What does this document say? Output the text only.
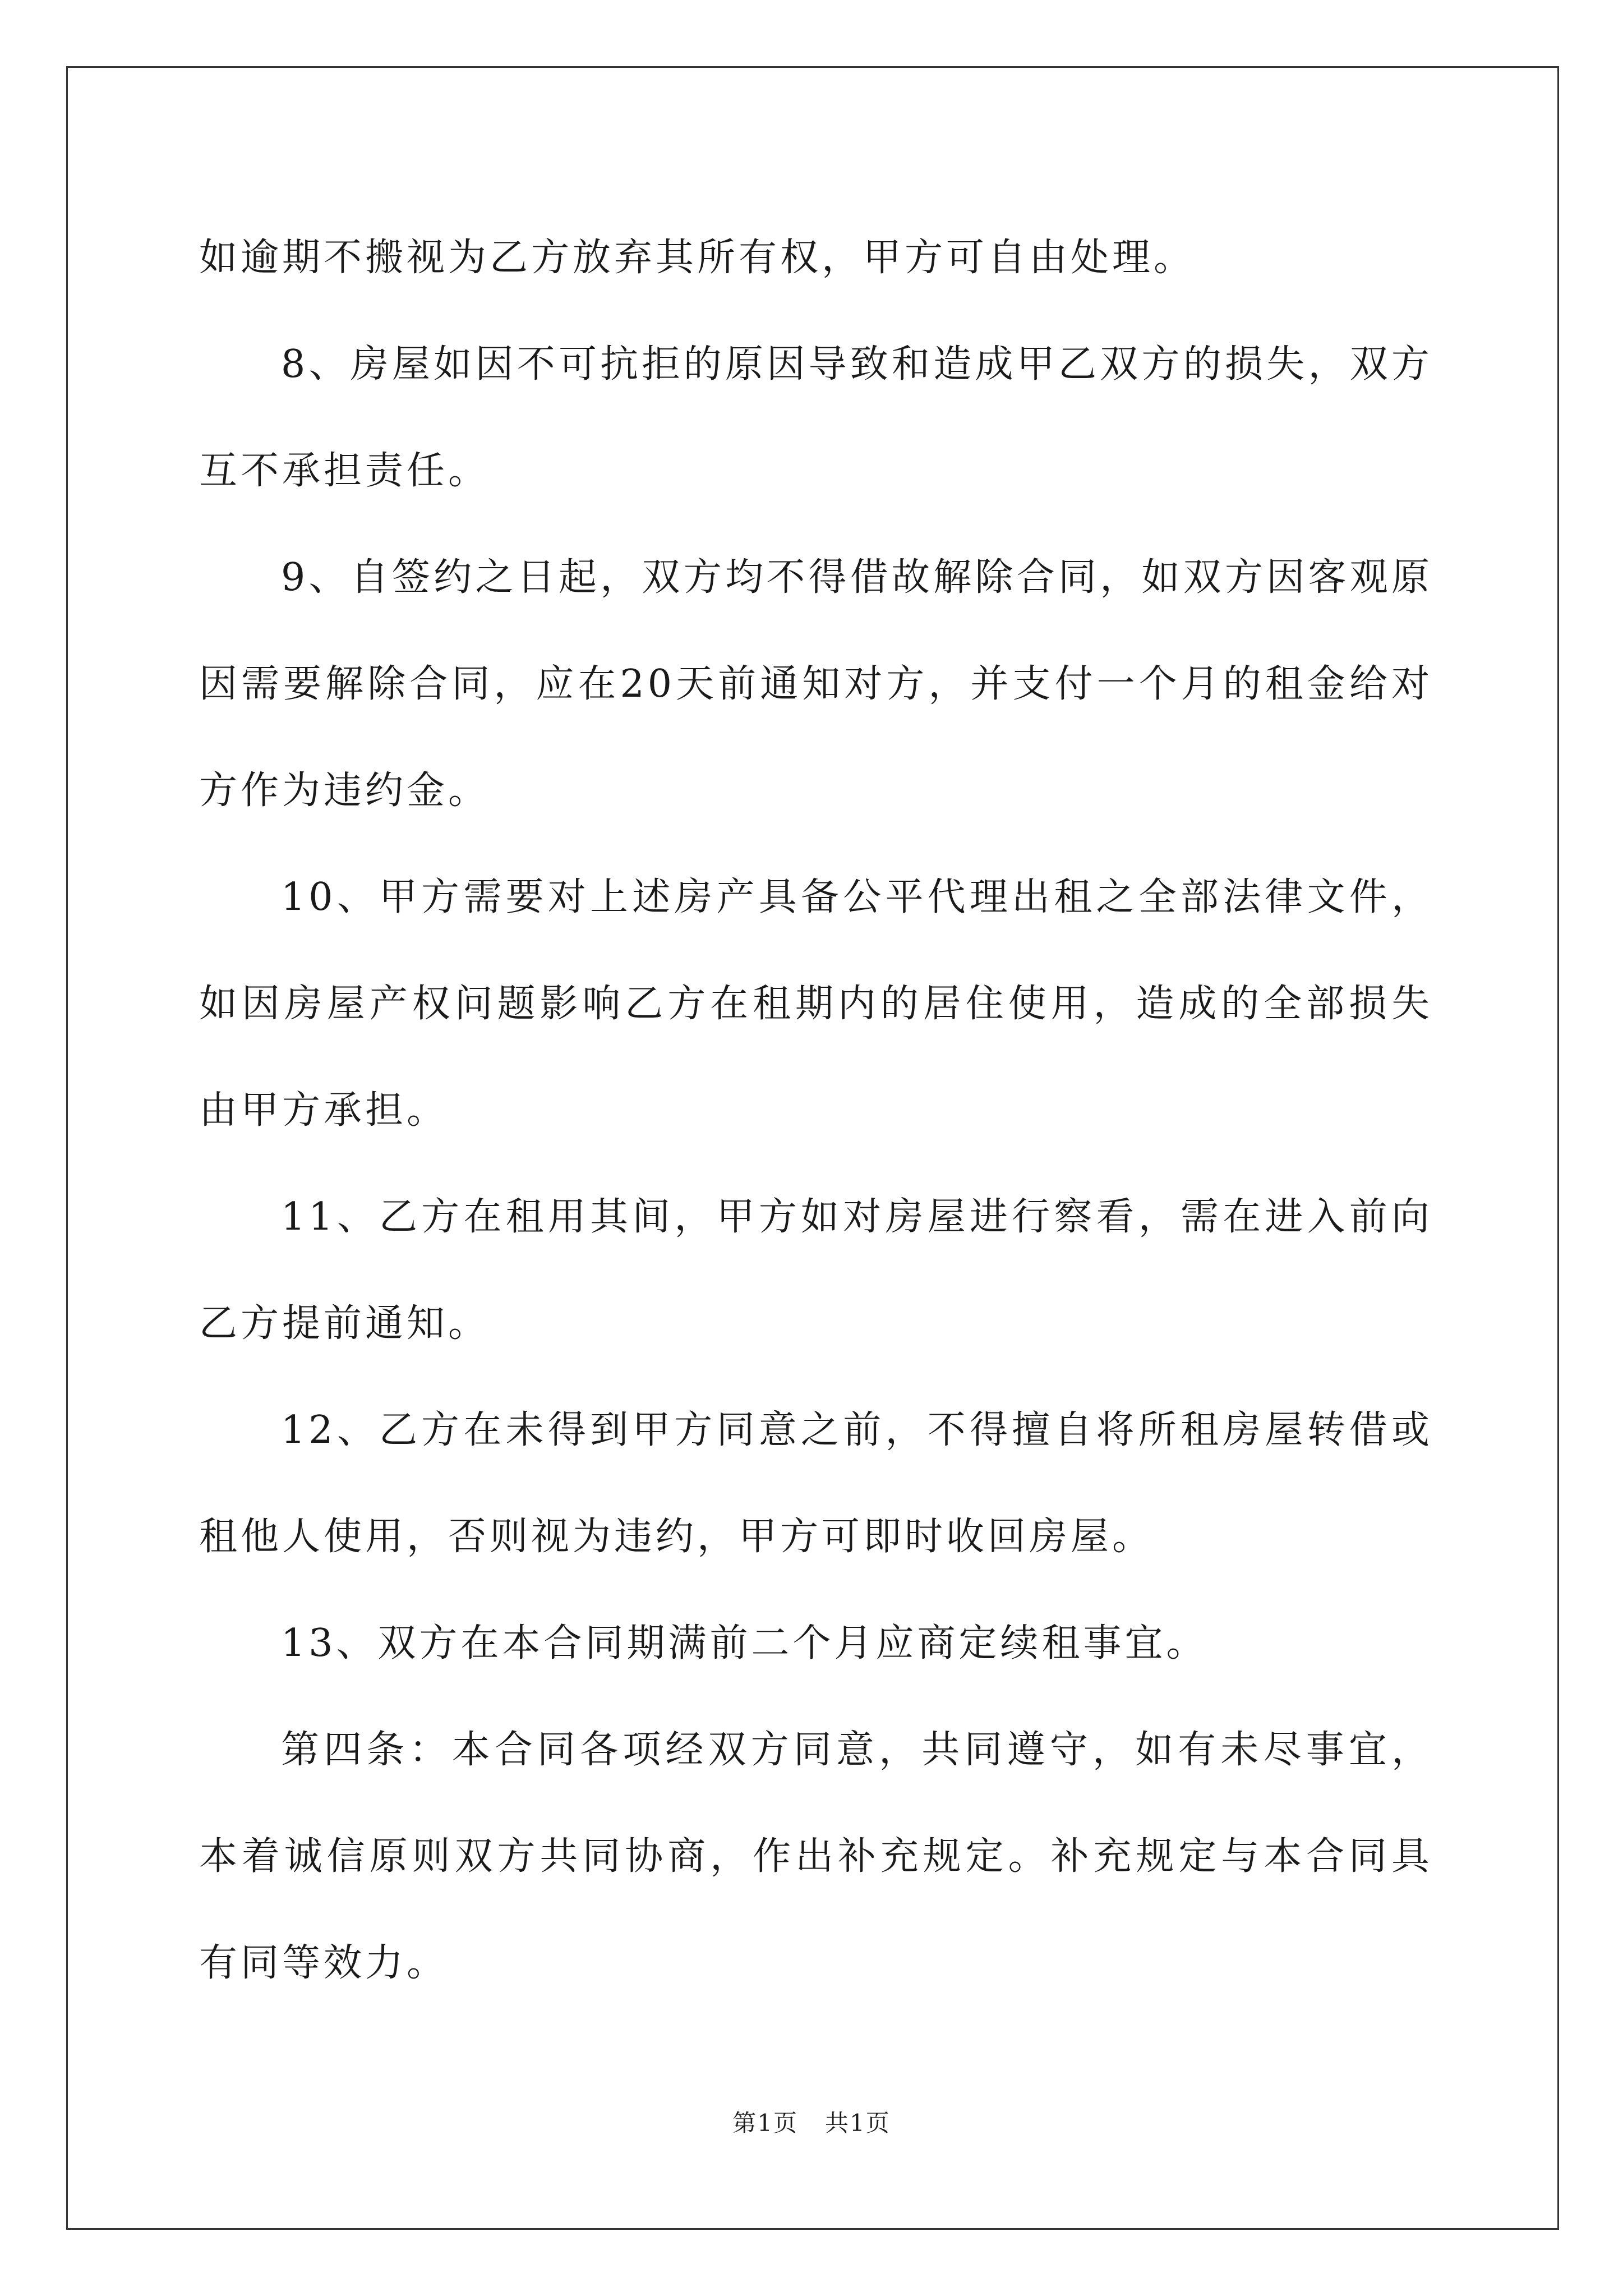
如逾期不搬视为乙方放弃其所有权，甲方可自由处理。

8、房屋如因不可抗拒的原因导致和造成甲乙双方的损失，双方互不承担责任。

9、自签约之日起，双方均不得借故解除合同，如双方因客观原因需要解除合同，应在20天前通知对方，并支付一个月的租金给对方作为违约金。

10、甲方需要对上述房产具备公平代理出租之全部法律文件，如因房屋产权问题影响乙方在租期内的居住使用，造成的全部损失由甲方承担。

11、乙方在租用其间，甲方如对房屋进行察看，需在进入前向乙方提前通知。

12、乙方在未得到甲方同意之前，不得擅自将所租房屋转借或租他人使用，否则视为违约，甲方可即时收回房屋。

13、双方在本合同期满前二个月应商定续租事宜。

第四条：本合同各项经双方同意，共同遵守，如有未尽事宜，本着诚信原则双方共同协商，作出补充规定。补充规定与本合同具有同等效力。

第1页 共1页
